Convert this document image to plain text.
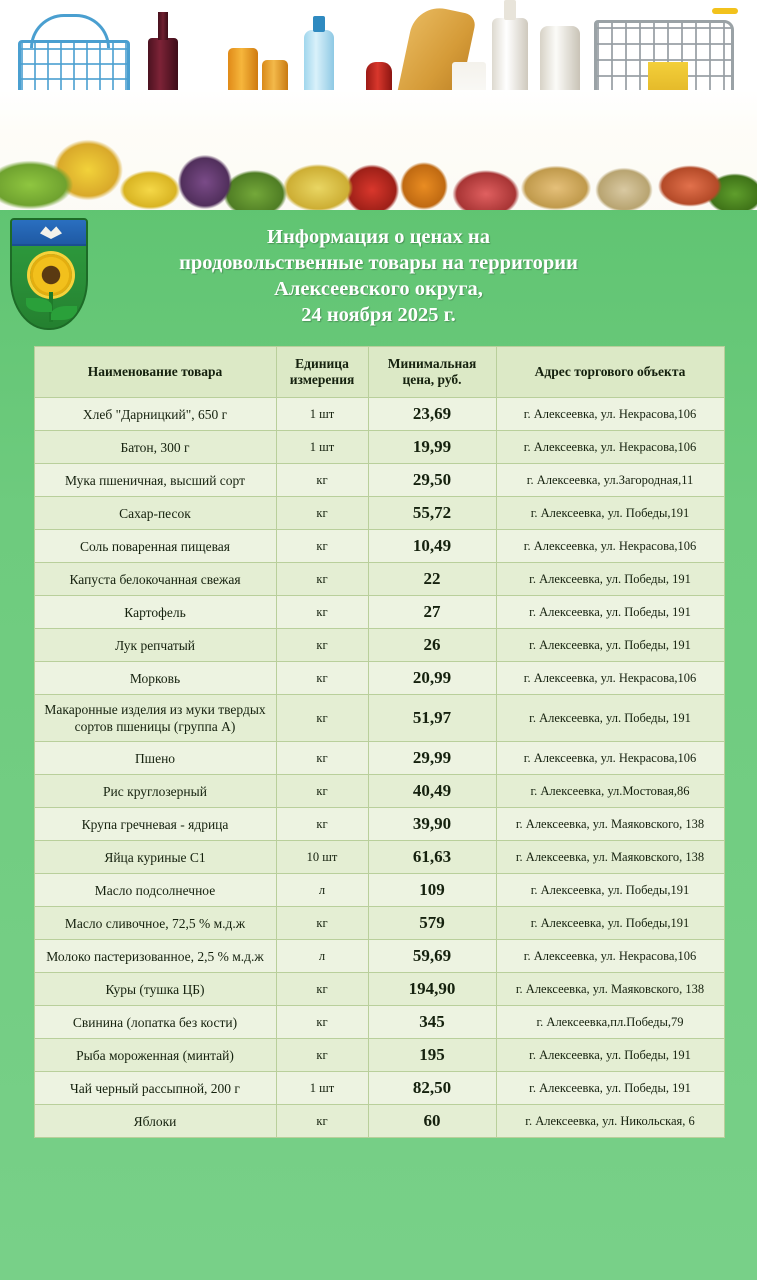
Информация о ценах на
продовольственные товары на территории
Алексеевского округа,
24 ноября 2025 г.
Наименование товара	Единица измерения	Минимальная цена, руб.	Адрес торгового объекта
Хлеб "Дарницкий", 650 г	1 шт	23,69	г. Алексеевка, ул. Некрасова,106
Батон, 300 г	1 шт	19,99	г. Алексеевка, ул. Некрасова,106
Мука пшеничная, высший сорт	кг	29,50	г. Алексеевка, ул.Загородная,11
Сахар-песок	кг	55,72	г. Алексеевка, ул. Победы,191
Соль поваренная пищевая	кг	10,49	г. Алексеевка, ул. Некрасова,106
Капуста белокочанная свежая	кг	22	г. Алексеевка, ул. Победы, 191
Картофель	кг	27	г. Алексеевка, ул. Победы, 191
Лук репчатый	кг	26	г. Алексеевка, ул. Победы, 191
Морковь	кг	20,99	г. Алексеевка, ул. Некрасова,106
Макаронные изделия из муки твердых сортов пшеницы (группа А)	кг	51,97	г. Алексеевка, ул. Победы, 191
Пшено	кг	29,99	г. Алексеевка, ул. Некрасова,106
Рис круглозерный	кг	40,49	г. Алексеевка, ул.Мостовая,86
Крупа гречневая - ядрица	кг	39,90	г. Алексеевка, ул. Маяковского, 138
Яйца куриные С1	10 шт	61,63	г. Алексеевка, ул. Маяковского, 138
Масло подсолнечное	л	109	г. Алексеевка, ул. Победы,191
Масло сливочное, 72,5 % м.д.ж	кг	579	г. Алексеевка, ул. Победы,191
Молоко пастеризованное, 2,5 % м.д.ж	л	59,69	г. Алексеевка, ул. Некрасова,106
Куры (тушка ЦБ)	кг	194,90	г. Алексеевка, ул. Маяковского, 138
Свинина (лопатка без кости)	кг	345	г. Алексеевка,пл.Победы,79
Рыба мороженная (минтай)	кг	195	г. Алексеевка, ул. Победы, 191
Чай черный рассыпной, 200 г	1 шт	82,50	г. Алексеевка, ул. Победы, 191
Яблоки	кг	60	г. Алексеевка, ул. Никольская, 6
